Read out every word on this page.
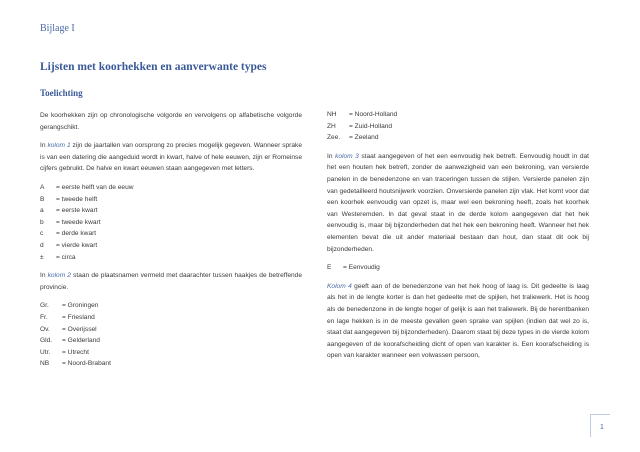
Bijlage I
Lijsten met koorhekken en aanverwante types
Toelichting

De koorhekken zijn op chronologische volgorde en vervolgens op alfabetische volgorde gerangschikt.

In kolom 1 zijn de jaartallen van oorsprong zo precies mogelijk gegeven. Wanneer sprake is van een datering die aangeduid wordt in kwart, halve of hele eeuwen, zijn er Romeinse cijfers gebruikt. De halve en kwart eeuwen staan aangegeven met letters.

A	= eerste helft van de eeuw
B	= tweede helft
a	= eerste kwart
b	= tweede kwart
c	= derde kwart
d	= vierde kwart
±	= circa

In kolom 2 staan de plaatsnamen vermeld met daarachter tussen haakjes de betreffende provincie.

Gr.	= Groningen
Fr.	= Friesland
Ov.	= Overijssel
Gld.	= Gelderland
Utr.	= Utrecht
NB	= Noord-Brabant
NH	= Noord-Holland
ZH	= Zuid-Holland
Zee.	= Zeeland

In kolom 3 staat aangegeven of het een eenvoudig hek betreft. Eenvoudig houdt in dat het een houten hek betreft, zonder de aanwezigheid van een bekroning, van versierde panelen in de benedenzone en van traceringen tussen de stijlen. Versierde panelen zijn van gedetailleerd houtsnijwerk voorzien. Onversierde panelen zijn vlak. Het komt voor dat een koorhek eenvoudig van opzet is, maar wel een bekroning heeft, zoals het koorhek van Westeremden. In dat geval staat in de derde kolom aangegeven dat het hek eenvoudig is, maar bij bijzonderheden dat het hek een bekroning heeft. Wanneer het hek elementen bevat die uit ander materiaal bestaan dan hout, dan staat dit ook bij bijzonderheden.

E	= Eenvoudig

Kolom 4 geeft aan of de benedenzone van het hek hoog of laag is. Dit gedeelte is laag als het in de lengte korter is dan het gedeelte met de spijlen, het traliewerk. Het is hoog als de benedenzone in de lengte hoger of gelijk is aan het traliewerk. Bij de herentbanken en lage hekken is in de meeste gevallen geen sprake van spijlen (indien dat wel zo is, staat dat aangegeven bij bijzonderheden). Daarom staat bij deze types in de vierde kolom aangegeven of de koorafscheiding dicht of open van karakter is. Een koorafscheiding is open van karakter wanneer een volwassen persoon,

1
